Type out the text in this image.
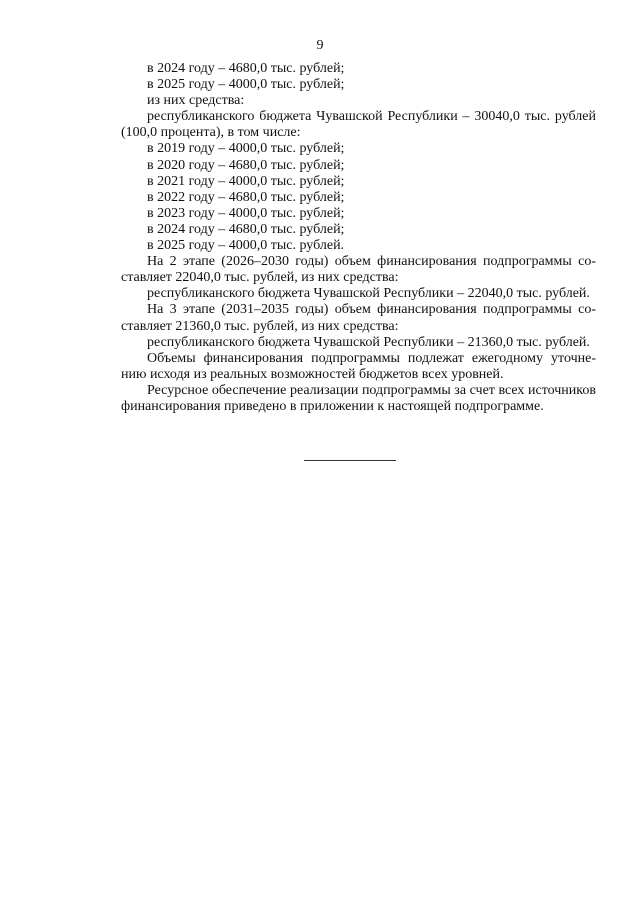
9
в 2024 году – 4680,0 тыс. рублей;
в 2025 году – 4000,0 тыс. рублей;
из них средства:
республиканского бюджета Чувашской Республики – 30040,0 тыс. рублей
(100,0 процента), в том числе:
в 2019 году – 4000,0 тыс. рублей;
в 2020 году – 4680,0 тыс. рублей;
в 2021 году – 4000,0 тыс. рублей;
в 2022 году – 4680,0 тыс. рублей;
в 2023 году – 4000,0 тыс. рублей;
в 2024 году – 4680,0 тыс. рублей;
в 2025 году – 4000,0 тыс. рублей.
На 2 этапе (2026–2030 годы) объем финансирования подпрограммы со-
ставляет 22040,0 тыс. рублей, из них средства:
республиканского бюджета Чувашской Республики – 22040,0 тыс. рублей.
На 3 этапе (2031–2035 годы) объем финансирования подпрограммы со-
ставляет 21360,0 тыс. рублей, из них средства:
республиканского бюджета Чувашской Республики – 21360,0 тыс. рублей.
Объемы финансирования подпрограммы подлежат ежегодному уточне-
нию исходя из реальных возможностей бюджетов всех уровней.
Ресурсное обеспечение реализации подпрограммы за счет всех источников
финансирования приведено в приложении к настоящей подпрограмме.
